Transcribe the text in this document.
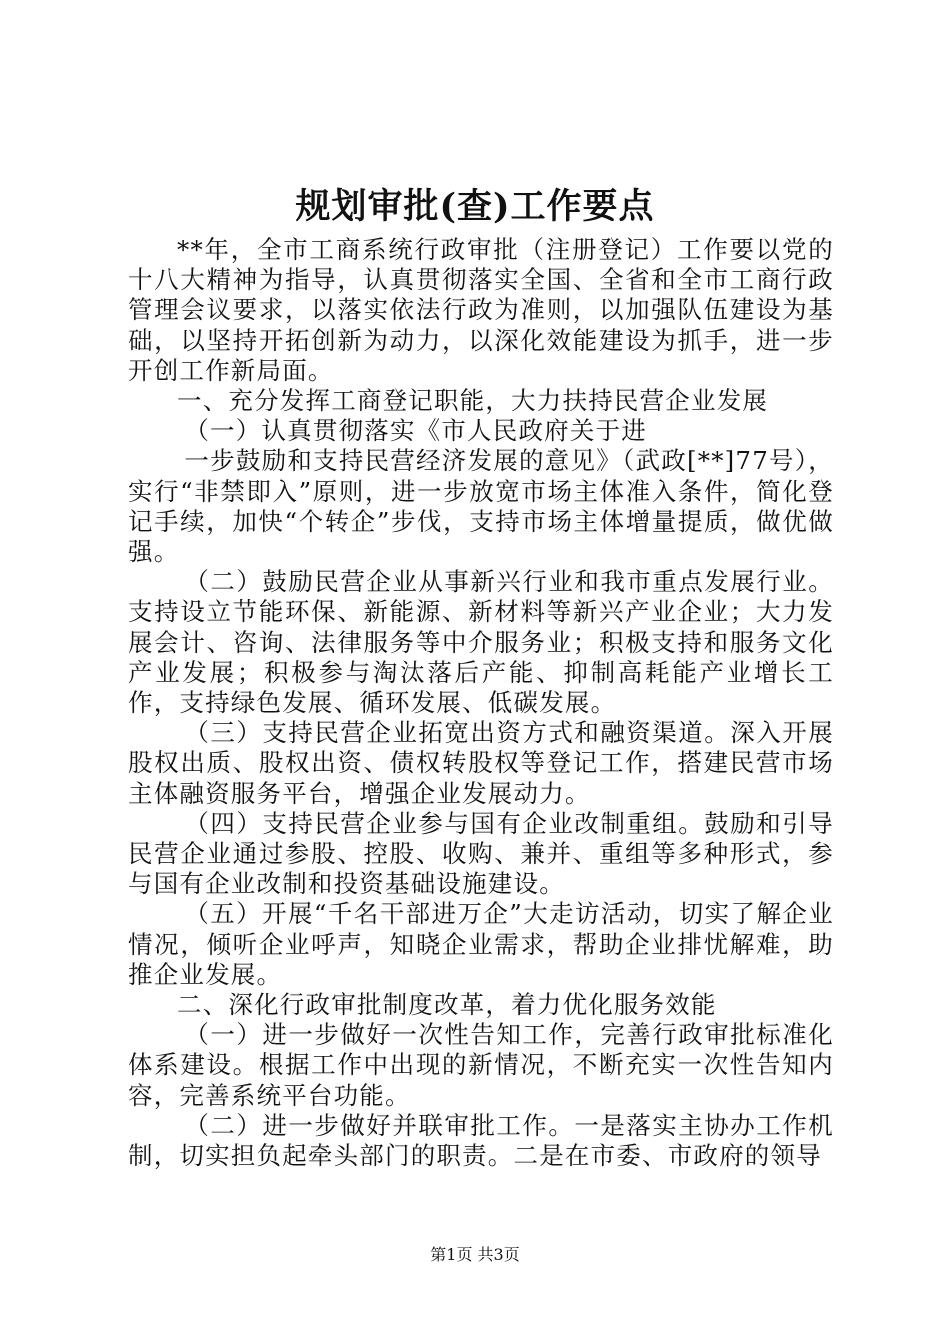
规划审批(查)工作要点

**年，全市工商系统行政审批（注册登记）工作要以党的十八大精神为指导，认真贯彻落实全国、全省和全市工商行政管理会议要求，以落实依法行政为准则，以加强队伍建设为基础，以坚持开拓创新为动力，以深化效能建设为抓手，进一步开创工作新局面。

一、充分发挥工商登记职能，大力扶持民营企业发展

（一）认真贯彻落实《市人民政府关于进

一步鼓励和支持民营经济发展的意见》（武政[**]77号），实行“非禁即入”原则，进一步放宽市场主体准入条件，简化登记手续，加快“个转企”步伐，支持市场主体增量提质，做优做强。

（二）鼓励民营企业从事新兴行业和我市重点发展行业。支持设立节能环保、新能源、新材料等新兴产业企业；大力发展会计、咨询、法律服务等中介服务业；积极支持和服务文化产业发展；积极参与淘汰落后产能、抑制高耗能产业增长工作，支持绿色发展、循环发展、低碳发展。

（三）支持民营企业拓宽出资方式和融资渠道。深入开展股权出质、股权出资、债权转股权等登记工作，搭建民营市场主体融资服务平台，增强企业发展动力。

（四）支持民营企业参与国有企业改制重组。鼓励和引导民营企业通过参股、控股、收购、兼并、重组等多种形式，参与国有企业改制和投资基础设施建设。

（五）开展“千名干部进万企”大走访活动，切实了解企业情况，倾听企业呼声，知晓企业需求，帮助企业排忧解难，助推企业发展。

二、深化行政审批制度改革，着力优化服务效能

（一）进一步做好一次性告知工作，完善行政审批标准化体系建设。根据工作中出现的新情况，不断充实一次性告知内容，完善系统平台功能。

（二）进一步做好并联审批工作。一是落实主协办工作机制，切实担负起牵头部门的职责。二是在市委、市政府的领导

第1页 共3页
